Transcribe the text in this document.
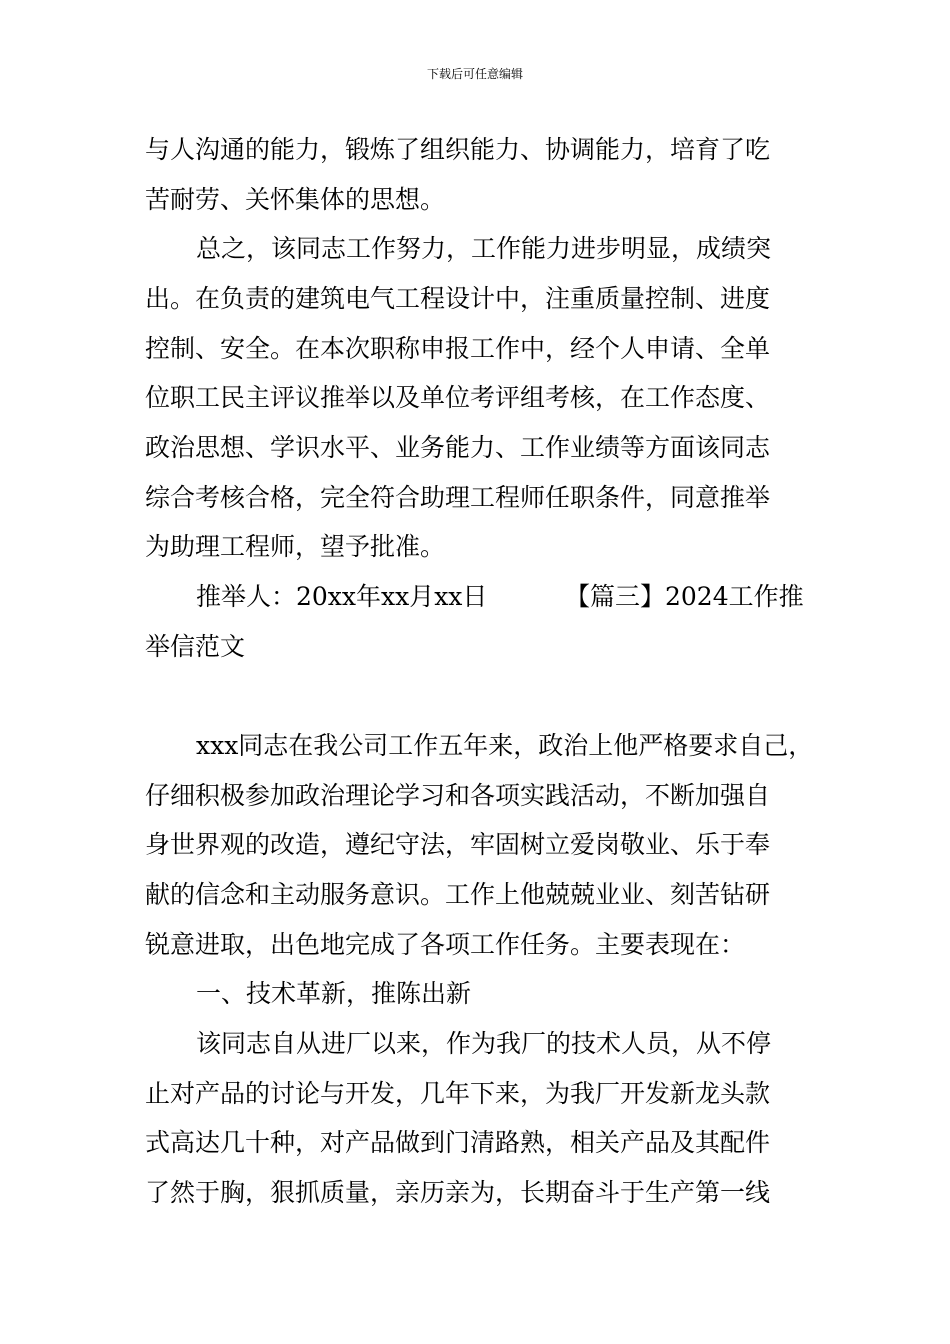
下载后可任意编辑
与人沟通的能力，锻炼了组织能力、协调能力，培育了吃
苦耐劳、关怀集体的思想。
总之，该同志工作努力，工作能力进步明显，成绩突
出。在负责的建筑电气工程设计中，注重质量控制、进度
控制、安全。在本次职称申报工作中，经个人申请、全单
位职工民主评议推举以及单位考评组考核，在工作态度、
政治思想、学识水平、业务能力、工作业绩等方面该同志
综合考核合格，完全符合助理工程师任职条件，同意推举
为助理工程师，望予批准。
推举人：20xx年xx月xx日	【篇三】2024工作推
举信范文
xxx同志在我公司工作五年来，政治上他严格要求自己，
仔细积极参加政治理论学习和各项实践活动，不断加强自
身世界观的改造，遵纪守法，牢固树立爱岗敬业、乐于奉
献的信念和主动服务意识。工作上他兢兢业业、刻苦钻研
锐意进取，出色地完成了各项工作任务。主要表现在：
一、技术革新，推陈出新
该同志自从进厂以来，作为我厂的技术人员，从不停
止对产品的讨论与开发，几年下来，为我厂开发新龙头款
式高达几十种，对产品做到门清路熟，相关产品及其配件
了然于胸，狠抓质量，亲历亲为，长期奋斗于生产第一线
